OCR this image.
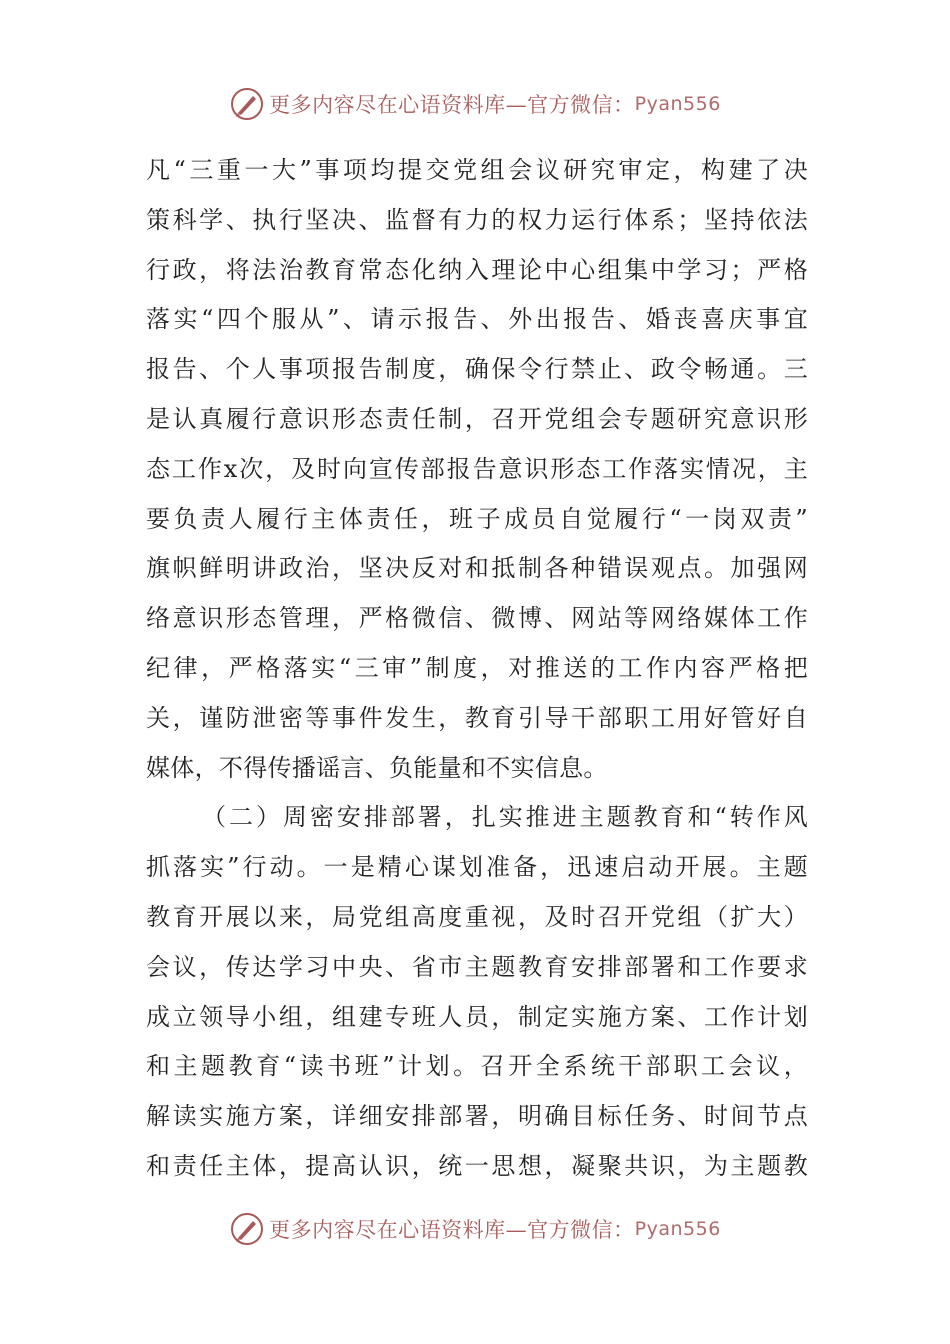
更多内容尽在心语资料库—官方微信： Pyan556
凡“三重一大”事项均提交党组会议研究审定，构建了决
策科学、执行坚决、监督有力的权力运行体系；坚持依法
行政，将法治教育常态化纳入理论中心组集中学习；严格
落实“四个服从”、请示报告、外出报告、婚丧喜庆事宜
报告、个人事项报告制度，确保令行禁止、政令畅通。三
是认真履行意识形态责任制，召开党组会专题研究意识形
态工作x次，及时向宣传部报告意识形态工作落实情况，主
要负责人履行主体责任，班子成员自觉履行“一岗双责”
旗帜鲜明讲政治，坚决反对和抵制各种错误观点。加强网
络意识形态管理，严格微信、微博、网站等网络媒体工作
纪律，严格落实“三审”制度，对推送的工作内容严格把
关，谨防泄密等事件发生，教育引导干部职工用好管好自
媒体，不得传播谣言、负能量和不实信息。
（二）周密安排部署，扎实推进主题教育和“转作风
抓落实”行动。一是精心谋划准备，迅速启动开展。主题
教育开展以来，局党组高度重视，及时召开党组（扩大）
会议，传达学习中央、省市主题教育安排部署和工作要求
成立领导小组，组建专班人员，制定实施方案、工作计划
和主题教育“读书班”计划。召开全系统干部职工会议，
解读实施方案，详细安排部署，明确目标任务、时间节点
和责任主体，提高认识，统一思想，凝聚共识，为主题教
更多内容尽在心语资料库—官方微信： Pyan556
